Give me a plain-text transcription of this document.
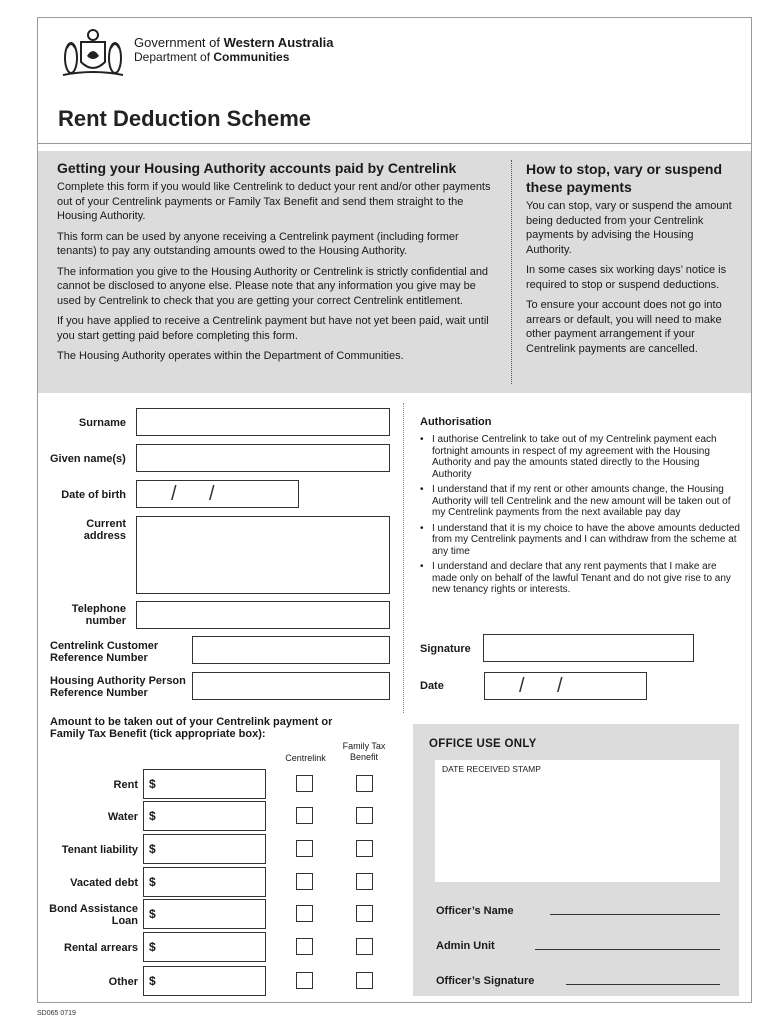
Government of Western Australia
Department of Communities
Rent Deduction Scheme
Getting your Housing Authority accounts paid by Centrelink

Complete this form if you would like Centrelink to deduct your rent and/or other payments out of your Centrelink payments or Family Tax Benefit and send them straight to the Housing Authority.

This form can be used by anyone receiving a Centrelink payment (including former tenants) to pay any outstanding amounts owed to the Housing Authority.

The information you give to the Housing Authority or Centrelink is strictly confidential and cannot be disclosed to anyone else. Please note that any information you give may be used by Centrelink to check that you are getting your correct Centrelink entitlement.

If you have applied to receive a Centrelink payment but have not yet been paid, wait until you start getting paid before completing this form.

The Housing Authority operates within the Department of Communities.

How to stop, vary or suspend these payments

You can stop, vary or suspend the amount being deducted from your Centrelink payments by advising the Housing Authority.

In some cases six working days’ notice is required to stop or suspend deductions.

To ensure your account does not go into arrears or default, you will need to make other payment arrangement if your Centrelink payments are cancelled.

Surname
Given name(s)
Date of birth / /
Current
address
Telephone
number
Centrelink Customer
Reference Number
Housing Authority Person
Reference Number
Amount to be taken out of your Centrelink payment or
Family Tax Benefit (tick appropriate box):
Centrelink
Family Tax
Benefit
Rent $
Water $
Tenant liability $
Vacated debt $
Bond Assistance
Loan $
Rental arrears $
Other $
Authorisation
• I authorise Centrelink to take out of my Centrelink payment each fortnight amounts in respect of my agreement with the Housing Authority and pay the amounts stated directly to the Housing Authority
• I understand that if my rent or other amounts change, the Housing Authority will tell Centrelink and the new amount will be taken out of my Centrelink payments from the next available pay day
• I understand that it is my choice to have the above amounts deducted from my Centrelink payments and I can withdraw from the scheme at any time
• I understand and declare that any rent payments that I make are made only on behalf of the lawful Tenant and do not give rise to any new tenancy rights or interests.
Signature
Date	/ /
OFFICE USE ONLY
DATE RECEIVED STAMP
Officer’s Name
Admin Unit
Officer’s Signature
SD065 0719
